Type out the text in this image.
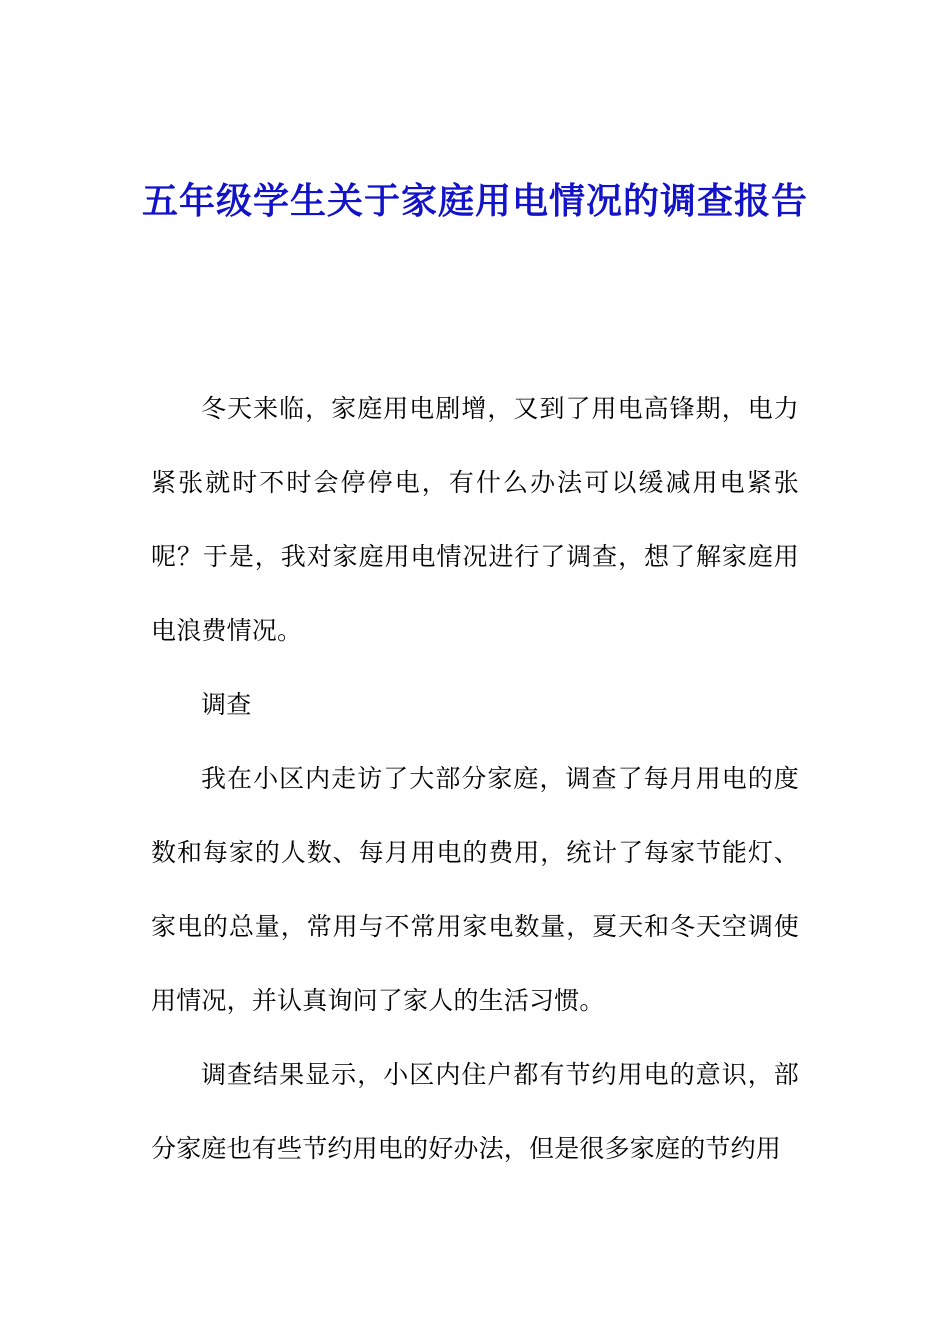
五年级学生关于家庭用电情况的调查报告

冬天来临，家庭用电剧增，又到了用电高锋期，电力紧张就时不时会停停电，有什么办法可以缓减用电紧张呢？于是，我对家庭用电情况进行了调查，想了解家庭用电浪费情况。

调查

我在小区内走访了大部分家庭，调查了每月用电的度数和每家的人数、每月用电的费用，统计了每家节能灯、家电的总量，常用与不常用家电数量，夏天和冬天空调使用情况，并认真询问了家人的生活习惯。

调查结果显示，小区内住户都有节约用电的意识，部分家庭也有些节约用电的好办法，但是很多家庭的节约用
